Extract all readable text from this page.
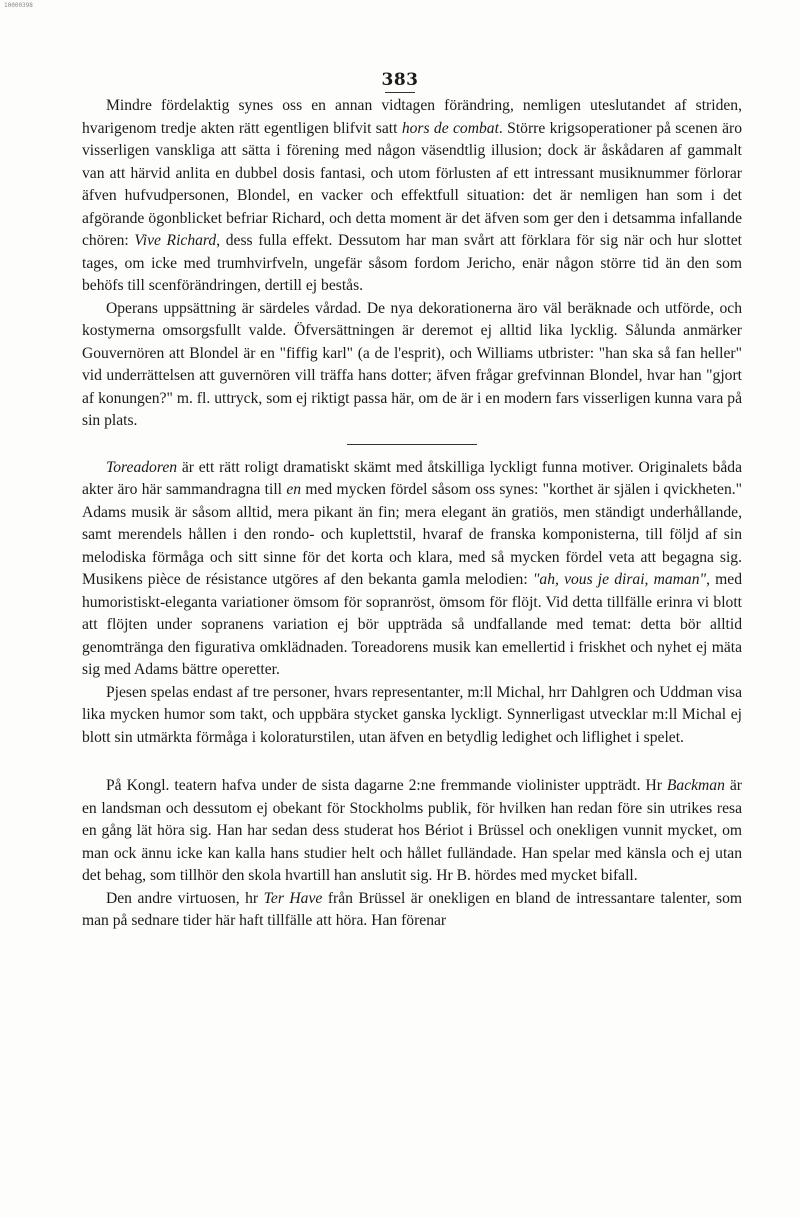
10000398
383

Mindre fördelaktig synes oss en annan vidtagen förändring, nemligen uteslutandet af striden, hvarigenom tredje akten rätt egentligen blifvit satt hors de combat. Större krigsoperationer på scenen äro visserligen vanskliga att sätta i förening med någon väsendtlig illusion; dock är åskådaren af gammalt van att härvid anlita en dubbel dosis fantasi, och utom förlusten af ett intressant musiknummer förlorar äfven hufvudpersonen, Blondel, en vacker och effektfull situation: det är nemligen han som i det afgörande ögonblicket befriar Richard, och detta moment är det äfven som ger den i detsamma infallande chören: Vive Richard, dess fulla effekt. Dessutom har man svårt att förklara för sig när och hur slottet tages, om icke med trumhvirfveln, ungefär såsom fordom Jericho, enär någon större tid än den som behöfs till scenförändringen, dertill ej bestås.

Operans uppsättning är särdeles vårdad. De nya dekorationerna äro väl beräknade och utförde, och kostymerna omsorgsfullt valde. Öfversättningen är deremot ej alltid lika lycklig. Sålunda anmärker Gouvernören att Blondel är en "fiffig karl" (a de l'esprit), och Williams utbrister: "han ska så fan heller" vid underrättelsen att guvernören vill träffa hans dotter; äfven frågar grefvinnan Blondel, hvar han "gjort af konungen?" m. fl. uttryck, som ej riktigt passa här, om de är i en modern fars visserligen kunna vara på sin plats.

Toreadoren är ett rätt roligt dramatiskt skämt med åtskilliga lyckligt funna motiver. Originalets båda akter äro här sammandragna till en med mycken fördel såsom oss synes: "korthet är själen i qvickheten." Adams musik är såsom alltid, mera pikant än fin; mera elegant än gratiös, men ständigt underhållande, samt merendels hållen i den rondo- och kuplettstil, hvaraf de franska komponisterna, till följd af sin melodiska förmåga och sitt sinne för det korta och klara, med så mycken fördel veta att begagna sig. Musikens pièce de résistance utgöres af den bekanta gamla melodien: "ah, vous je dirai, maman", med humoristiskt-eleganta variationer ömsom för sopranröst, ömsom för flöjt. Vid detta tillfälle erinra vi blott att flöjten under sopranens variation ej bör uppträda så undfallande med temat: detta bör alltid genomtränga den figurativa omklädnaden. Toreadorens musik kan emellertid i friskhet och nyhet ej mäta sig med Adams bättre operetter.

Pjesen spelas endast af tre personer, hvars representanter, m:ll Michal, hrr Dahlgren och Uddman visa lika mycken humor som takt, och uppbära stycket ganska lyckligt. Synnerligast utvecklar m:ll Michal ej blott sin utmärkta förmåga i koloraturstilen, utan äfven en betydlig ledighet och liflighet i spelet.

På Kongl. teatern hafva under de sista dagarne 2:ne fremmande violinister uppträdt. Hr Backman är en landsman och dessutom ej obekant för Stockholms publik, för hvilken han redan före sin utrikes resa en gång lät höra sig. Han har sedan dess studerat hos Bériot i Brüssel och onekligen vunnit mycket, om man ock ännu icke kan kalla hans studier helt och hållet fulländade. Han spelar med känsla och ej utan det behag, som tillhör den skola hvartill han anslutit sig. Hr B. hördes med mycket bifall.

Den andre virtuosen, hr Ter Have från Brüssel är onekligen en bland de intressantare talenter, som man på sednare tider här haft tillfälle att höra. Han förenar
